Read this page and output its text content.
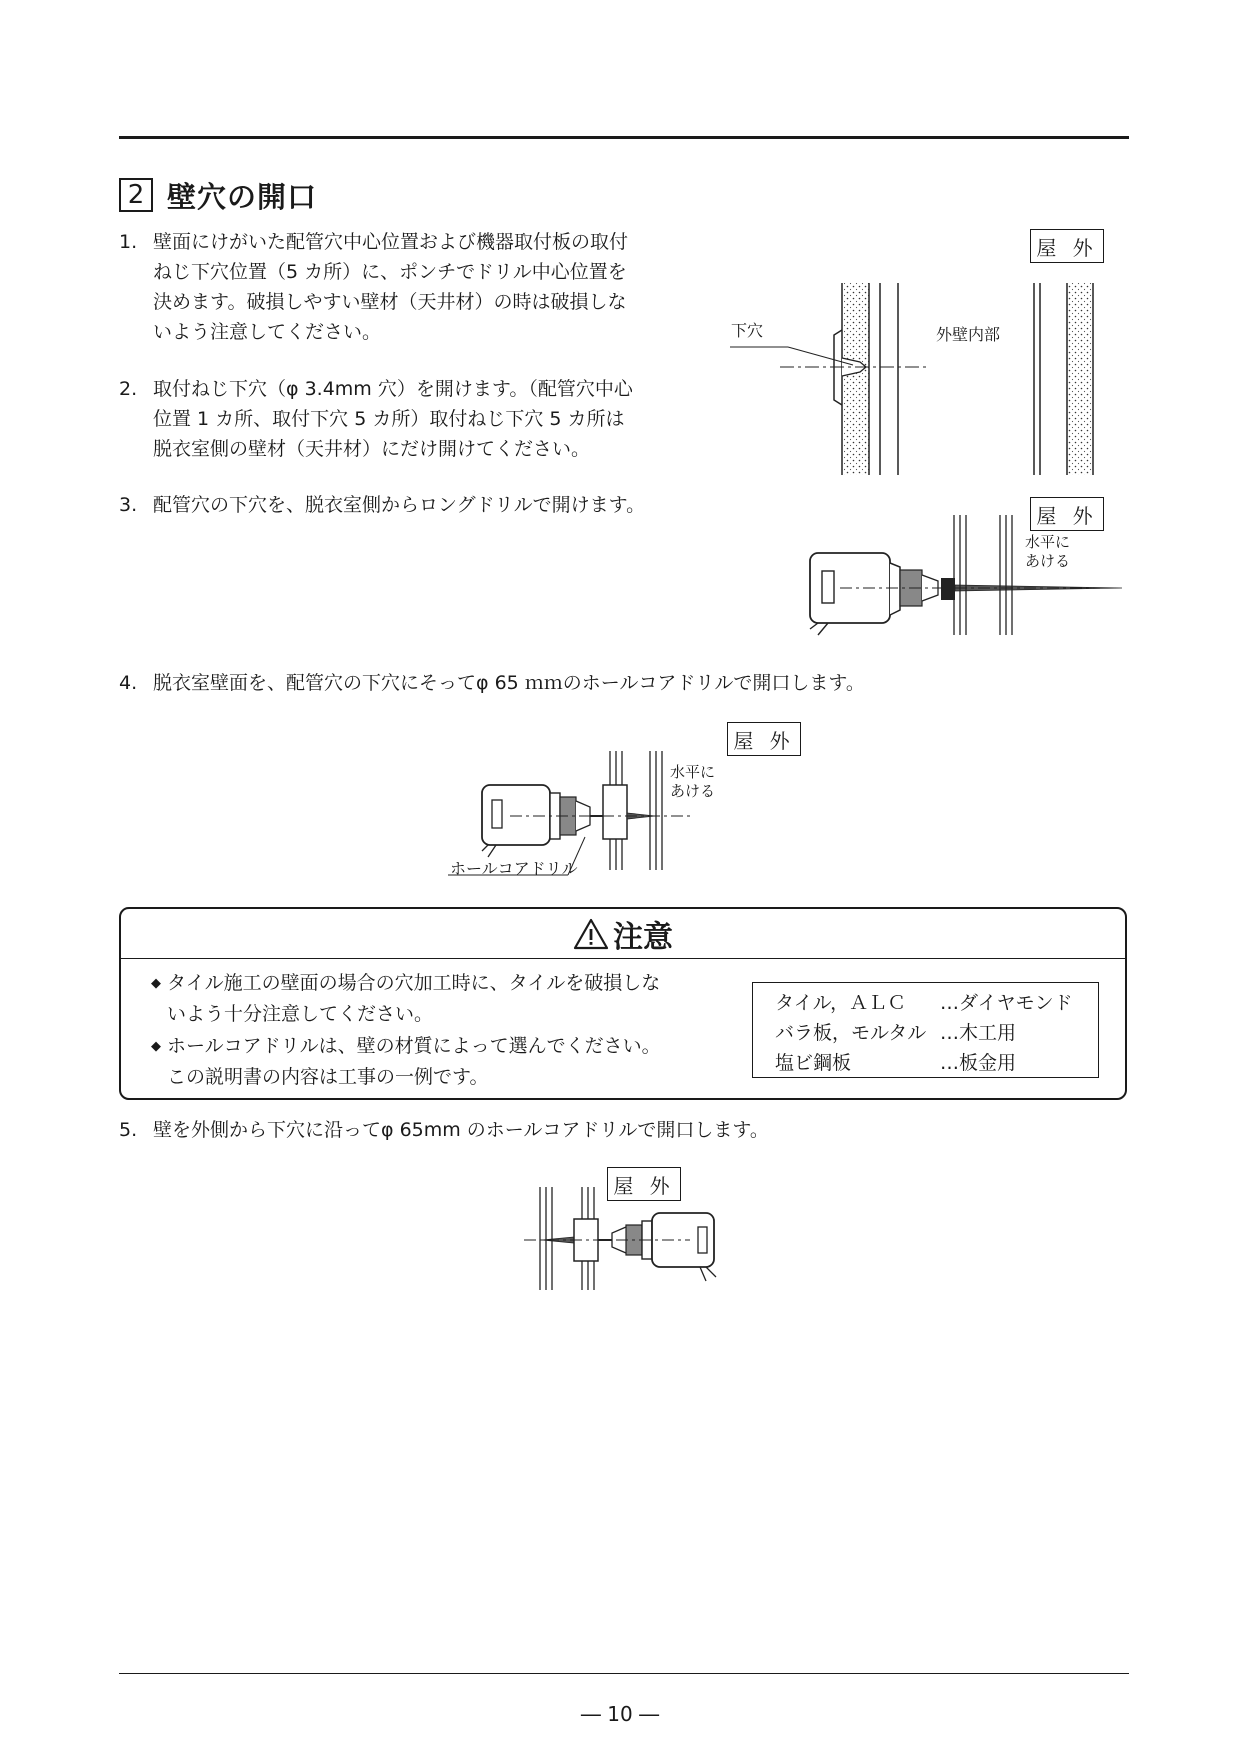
2 壁穴の開口
1. 壁面にけがいた配管穴中心位置および機器取付板の取付
ねじ下穴位置（5 カ所）に、ポンチでドリル中心位置を
決めます。破損しやすい壁材（天井材）の時は破損しな
いよう注意してください。
2. 取付ねじ下穴（φ 3.4mm 穴）を開けます。（配管穴中心
位置 1 カ所、取付下穴 5 カ所）取付ねじ下穴 5 カ所は
脱衣室側の壁材（天井材）にだけ開けてください。
3. 配管穴の下穴を、脱衣室側からロングドリルで開けます。
下穴	外壁内部
屋 外
水平に
あける
屋 外
4. 脱衣室壁面を、配管穴の下穴にそってφ 65 ｍｍのホールコアドリルで開口します。
水平に
あける
ホールコアドリル
屋 外
注意
◆ タイル施工の壁面の場合の穴加工時に、タイルを破損しな
いよう十分注意してください。
◆ ホールコアドリルは、壁の材質によって選んでください。
この説明書の内容は工事の一例です。
タイル，ＡＬＣ	…ダイヤモンド
バラ板，モルタル …木工用
塩ビ鋼板	…板金用
5. 壁を外側から下穴に沿ってφ 65mm のホールコアドリルで開口します。
屋 外
― 10 ―
